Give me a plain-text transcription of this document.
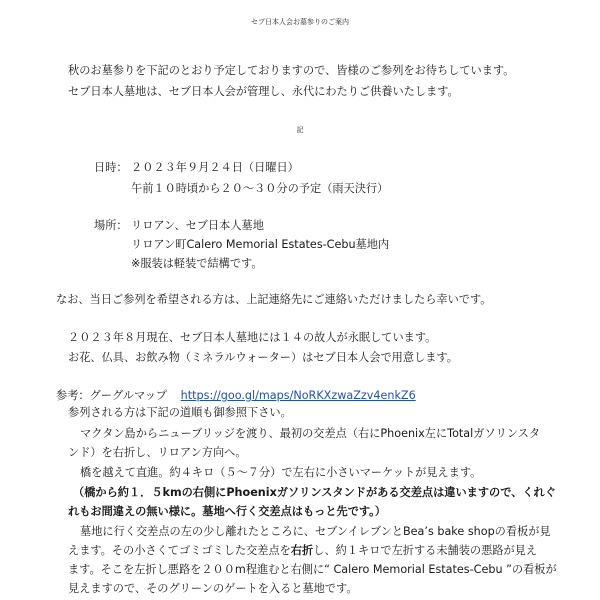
セブ日本人会お墓参りのご案内
秋のお墓参りを下記のとおり予定しておりますので、皆様のご参列をお待ちしています。
セブ日本人墓地は、セブ日本人会が管理し、永代にわたりご供養いたします。
記
日時： ２０２３年９月２４日（日曜日）
午前１０時頃から２０～３０分の予定（雨天決行）
場所： リロアン、セブ日本人墓地
リロアン町Calero Memorial Estates-Cebu墓地内
※服装は軽装で結構です。
なお、当日ご参列を希望される方は、上記連絡先にご連絡いただけましたら幸いです。
２０２３年８月現在、セブ日本人墓地には１４の故人が永眠しています。
お花、仏具、お飲み物（ミネラルウォーター）はセブ日本人会で用意します。
参考：グーグルマップ https://goo.gl/maps/NoRKXzwaZzv4enkZ6
参列される方は下記の道順も御参照下さい。
マクタン島からニューブリッジを渡り、最初の交差点（右にPhoenix左にTotalガソリンスタ
ンド）を右折し、リロアン方向へ。
橋を越えて直進。約４キロ（５～７分）で左右に小さいマーケットが見えます。
（橋から約１．５kmの右側にPhoenixガソリンスタンドがある交差点は違いますので、くれぐ
れもお間違えの無い様に。墓地へ行く交差点はもっと先です。）
墓地に行く交差点の左の少し離れたところに、セブンイレブンとBea’s bake shopの看板が見
えます。その小さくてゴミゴミした交差点を右折し、約１キロで左折する未舗装の悪路が見え
ます。そこを左折し悪路を２００m程進むと右側に“ Calero Memorial Estates-Cebu ”の看板が
見えますので、そのグリーンのゲートを入ると墓地です。
